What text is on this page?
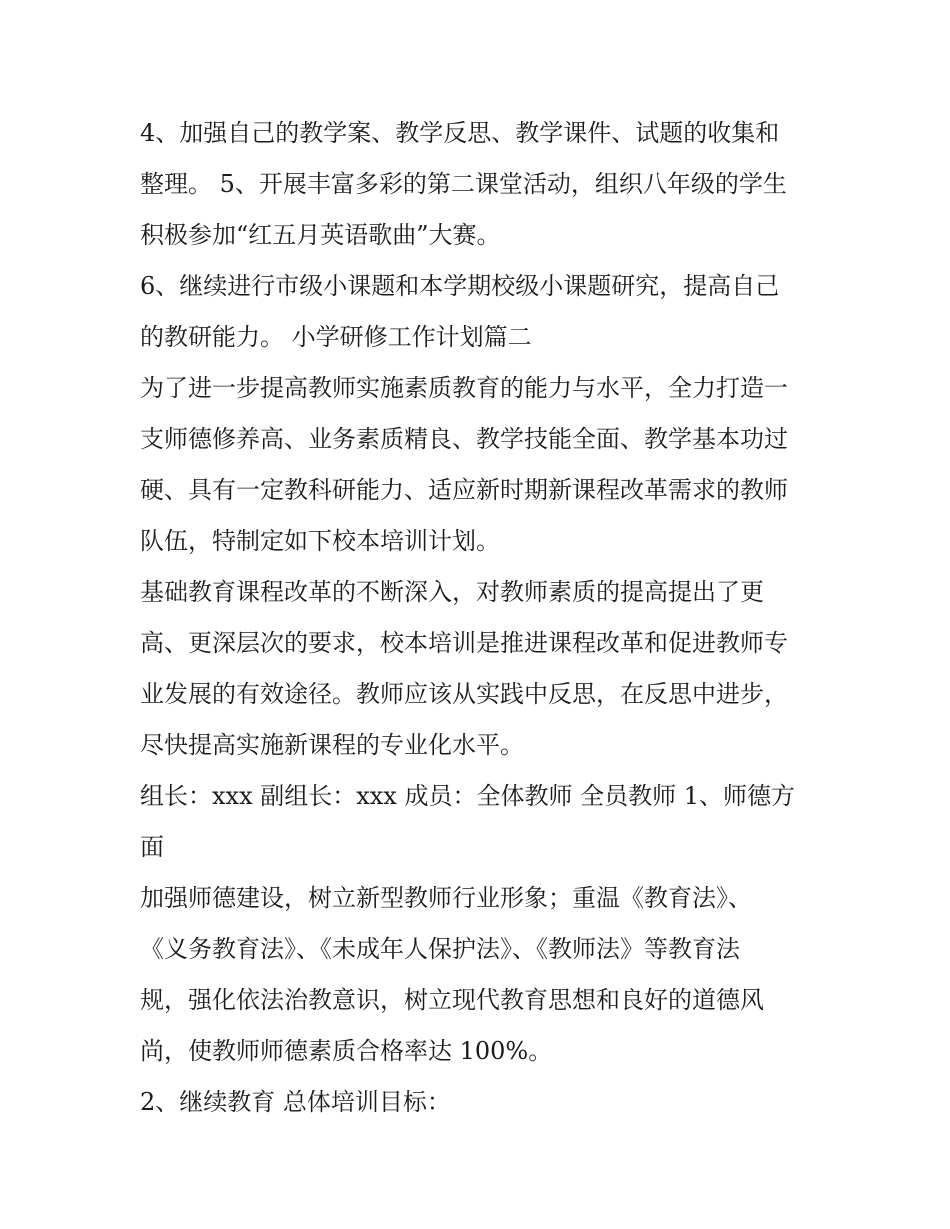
4、加强自己的教学案、教学反思、教学课件、试题的收集和
整理。 5、开展丰富多彩的第二课堂活动，组织八年级的学生
积极参加“红五月英语歌曲”大赛。
6、继续进行市级小课题和本学期校级小课题研究，提高自己
的教研能力。 小学研修工作计划篇二
为了进一步提高教师实施素质教育的能力与水平，全力打造一
支师德修养高、业务素质精良、教学技能全面、教学基本功过
硬、具有一定教科研能力、适应新时期新课程改革需求的教师
队伍，特制定如下校本培训计划。
基础教育课程改革的不断深入，对教师素质的提高提出了更
高、更深层次的要求，校本培训是推进课程改革和促进教师专
业发展的有效途径。教师应该从实践中反思，在反思中进步，
尽快提高实施新课程的专业化水平。
组长：xxx 副组长：xxx 成员：全体教师 全员教师 1、师德方
面
加强师德建设，树立新型教师行业形象；重温《教育法》、
《义务教育法》、《未成年人保护法》、《教师法》等教育法
规，强化依法治教意识，树立现代教育思想和良好的道德风
尚，使教师师德素质合格率达 100%。
2、继续教育 总体培训目标：
